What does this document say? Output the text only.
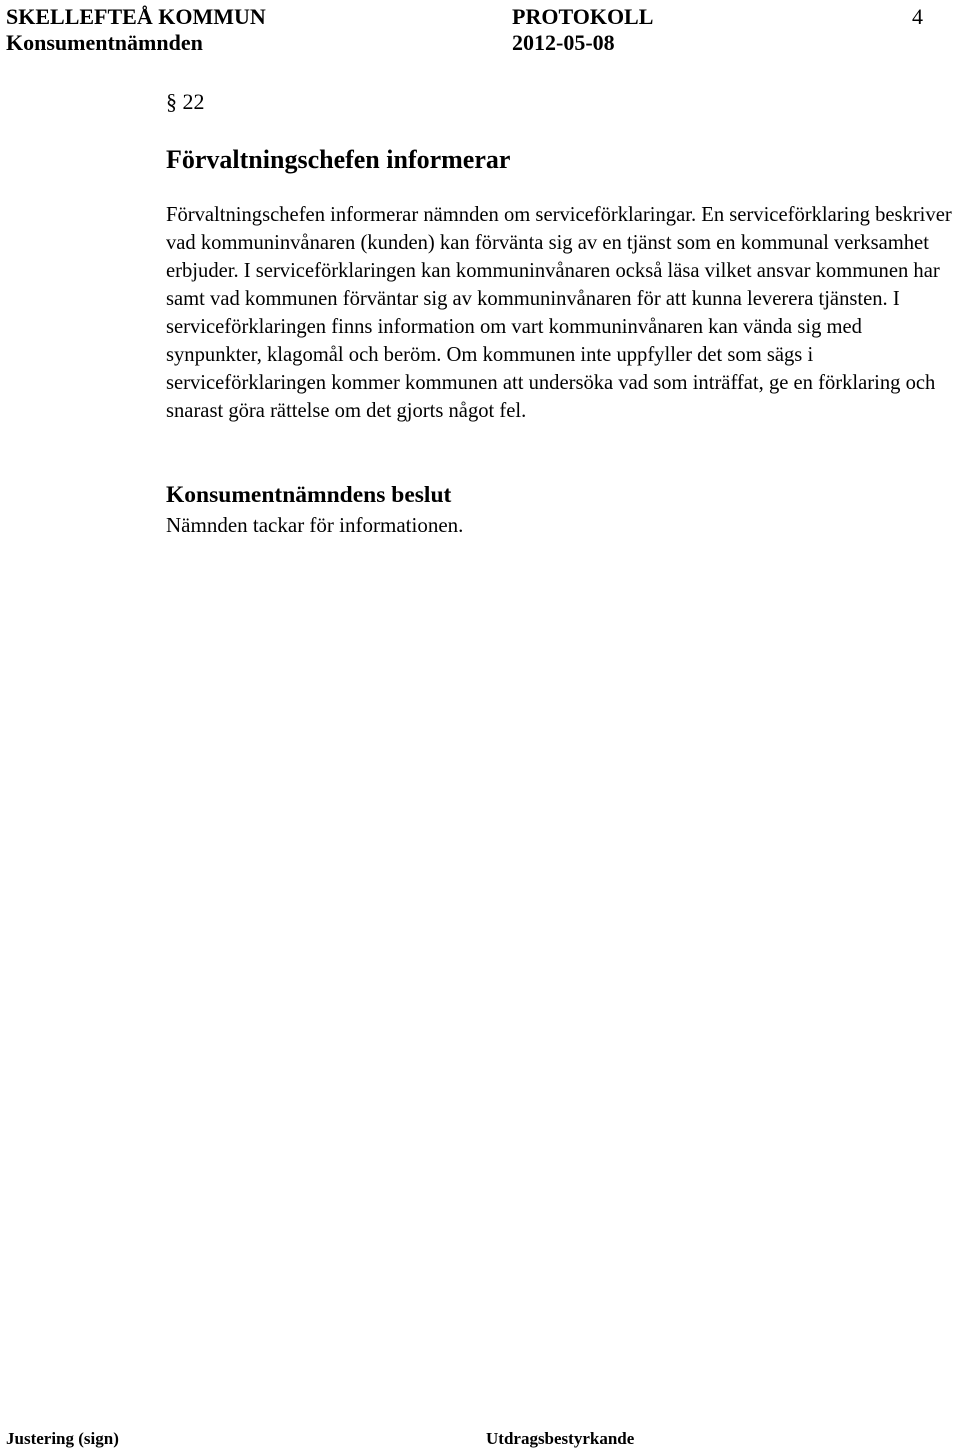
SKELLEFTEÅ KOMMUN	PROTOKOLL	4
Konsumentnämnden	2012-05-08

§ 22

Förvaltningschefen informerar

Förvaltningschefen informerar nämnden om serviceförklaringar. En serviceförklaring beskriver vad kommuninvånaren (kunden) kan förvänta sig av en tjänst som en kommunal verksamhet erbjuder. I serviceförklaringen kan kommuninvånaren också läsa vilket ansvar kommunen har samt vad kommunen förväntar sig av kommuninvånaren för att kunna leverera tjänsten. I serviceförklaringen finns information om vart kommuninvånaren kan vända sig med synpunkter, klagomål och beröm. Om kommunen inte uppfyller det som sägs i serviceförklaringen kommer kommunen att undersöka vad som inträffat, ge en förklaring och snarast göra rättelse om det gjorts något fel.

Konsumentnämndens beslut

Nämnden tackar för informationen.

Justering (sign)	Utdragsbestyrkande
